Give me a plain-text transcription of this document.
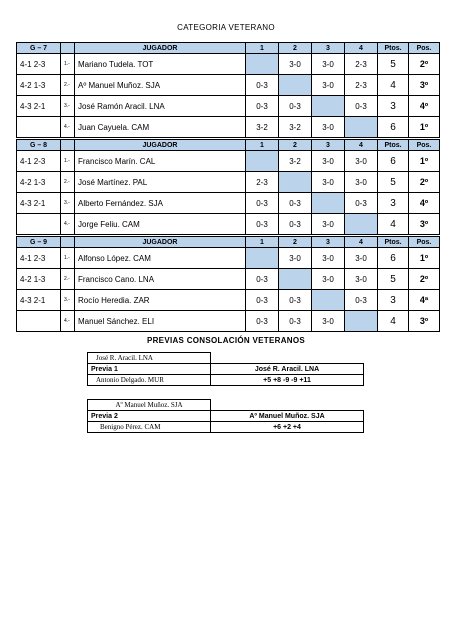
CATEGORIA VETERANO
G – 7		JUGADOR	1	2	3	4	Ptos.	Pos.
4-1 2-3	1.-	Mariano Tudela. TOT		3-0	3-0	2-3	5	2º
4-2 1-3	2.-	Aº Manuel Muñoz. SJA	0-3		3-0	2-3	4	3º
4-3 2-1	3.-	José Ramón Aracil. LNA	0-3	0-3		0-3	3	4º
	4.-	Juan Cayuela. CAM	3-2	3-2	3-0		6	1º
G – 8		JUGADOR	1	2	3	4	Ptos.	Pos.
4-1 2-3	1.-	Francisco Marín. CAL		3-2	3-0	3-0	6	1º
4-2 1-3	2.-	José Martínez. PAL	2-3		3-0	3-0	5	2º
4-3 2-1	3.-	Alberto Fernández. SJA	0-3	0-3		0-3	3	4º
	4.-	Jorge Feliu. CAM	0-3	0-3	3-0		4	3º
G – 9		JUGADOR	1	2	3	4	Ptos.	Pos.
4-1 2-3	1.-	Alfonso López. CAM		3-0	3-0	3-0	6	1º
4-2 1-3	2.-	Francisco Cano. LNA	0-3		3-0	3-0	5	2º
4-3 2-1	3.-	Rocío Heredia. ZAR	0-3	0-3		0-3	3	4ª
	4.-	Manuel Sánchez. ELI	0-3	0-3	3-0		4	3º
PREVIAS CONSOLACIÓN VETERANOS
José R. Aracil. LNA	
Previa 1	José R. Aracil. LNA
Antonio Delgado. MUR	+5 +8 -9 -9 +11
Aº Manuel Muñoz. SJA	
Previa 2	Aº Manuel Muñoz. SJA
Benigno Pérez. CAM	+6 +2 +4
